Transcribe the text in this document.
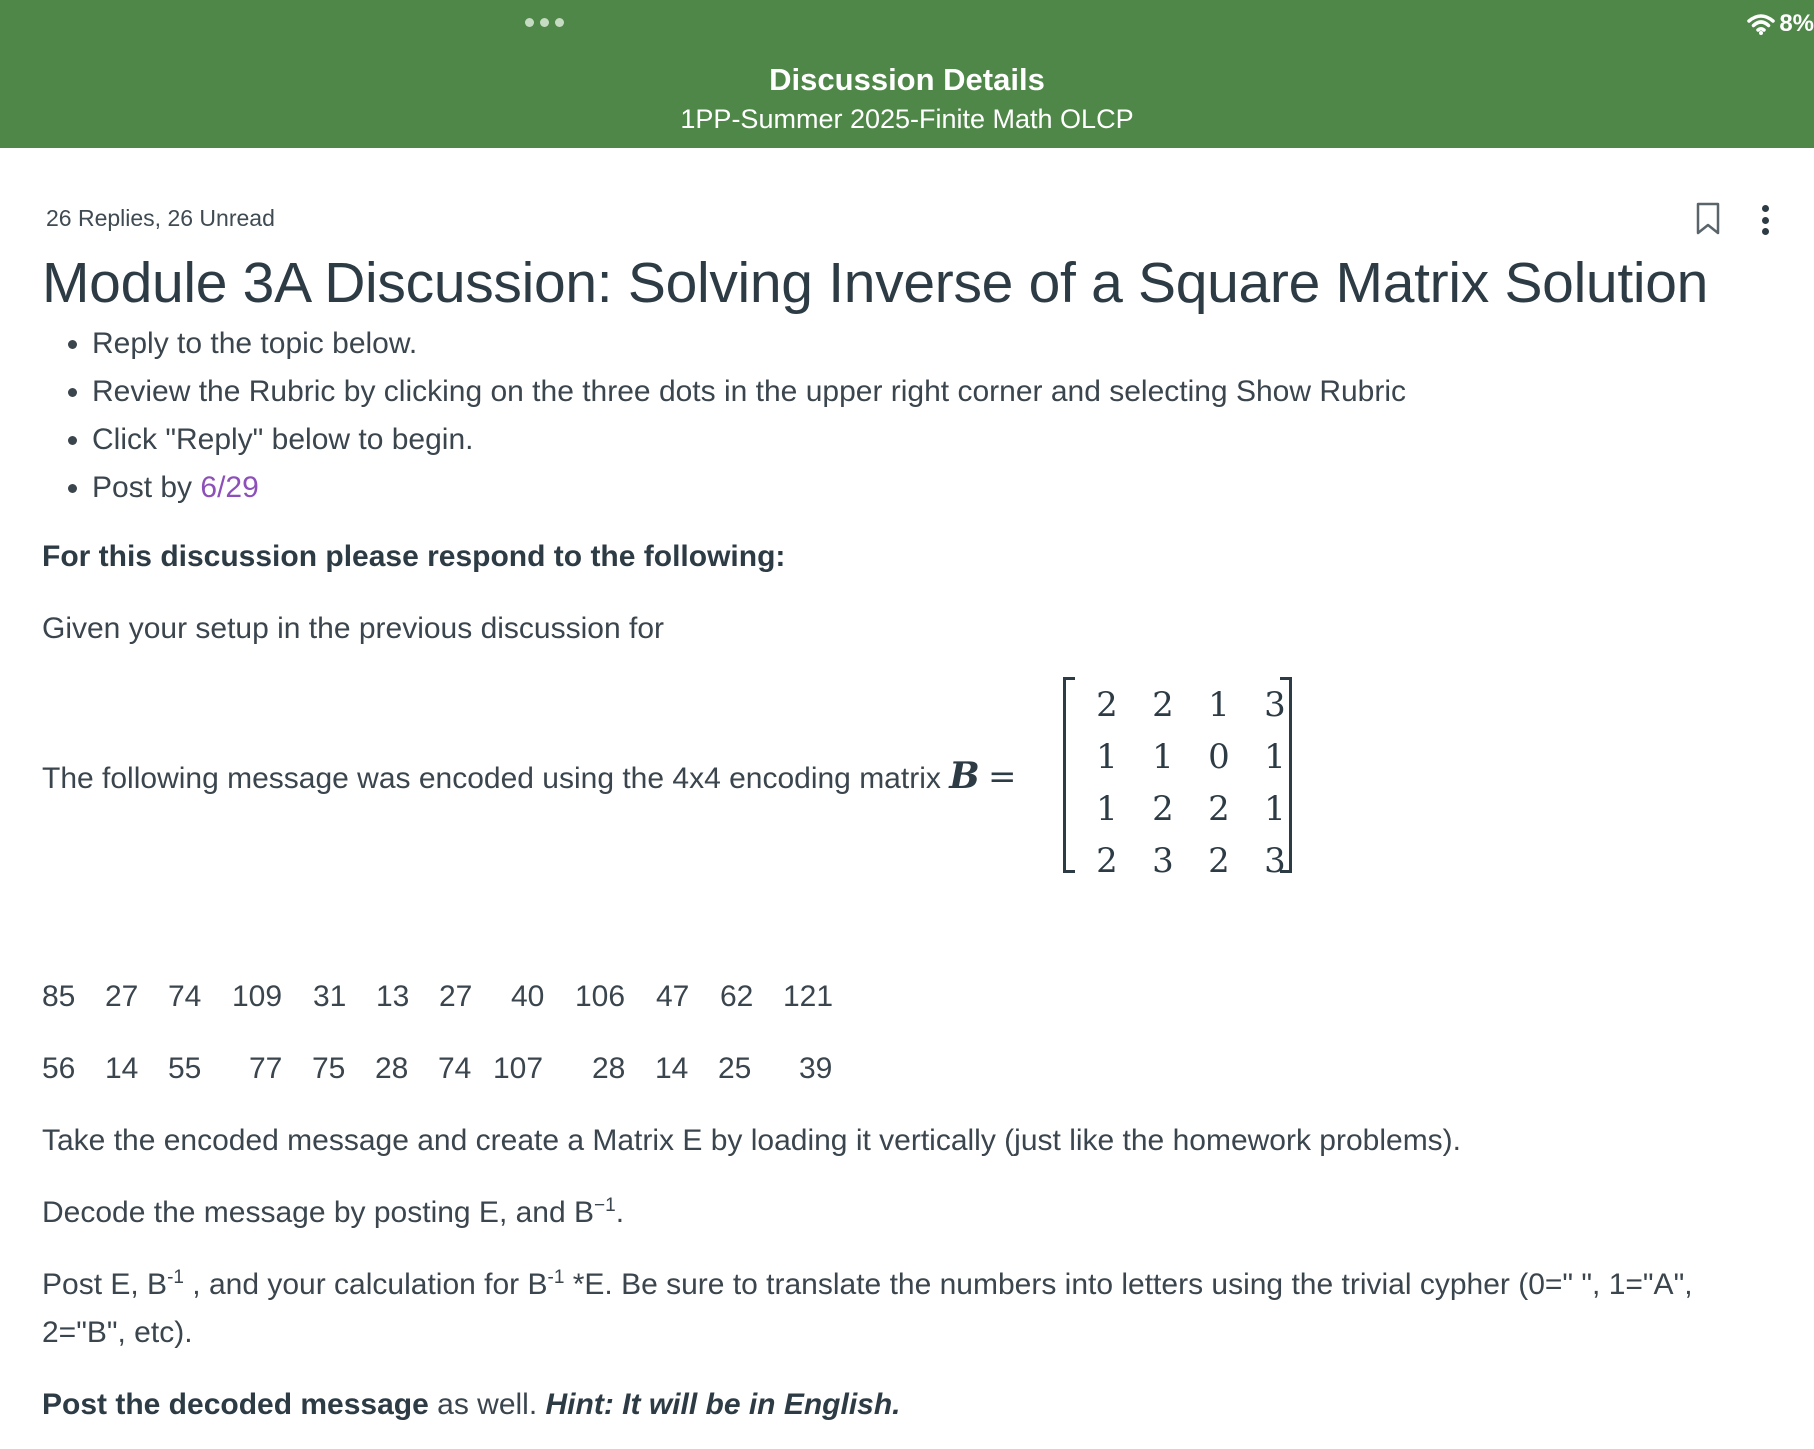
8%
Discussion Details
1PP-Summer 2025-Finite Math OLCP
26 Replies, 26 Unread
Module 3A Discussion: Solving Inverse of a Square Matrix Solution
• Reply to the topic below.
• Review the Rubric by clicking on the three dots in the upper right corner and selecting Show Rubric
• Click "Reply" below to begin.
• Post by 6/29

For this discussion please respond to the following:

Given your setup in the previous discussion for

The following message was encoded using the 4x4 encoding matrix B =

2	2	1	3
1	1	0	1
1	2	2	1
2	3	2	3
85 27 74 109 31 13 27 40 106 47 62 121
56 14 55 77 75 28 74 107 28 14 25 39

Take the encoded message and create a Matrix E by loading it vertically (just like the homework problems).

Decode the message by posting E, and $B^{-1}$.

Post E, $B^{-1}$ , and your calculation for $B^{-1}$ *E. Be sure to translate the numbers into letters using the trivial cypher (0=" ", 1="A",

2="B", etc).

Post the decoded message as well. Hint: It will be in English.
